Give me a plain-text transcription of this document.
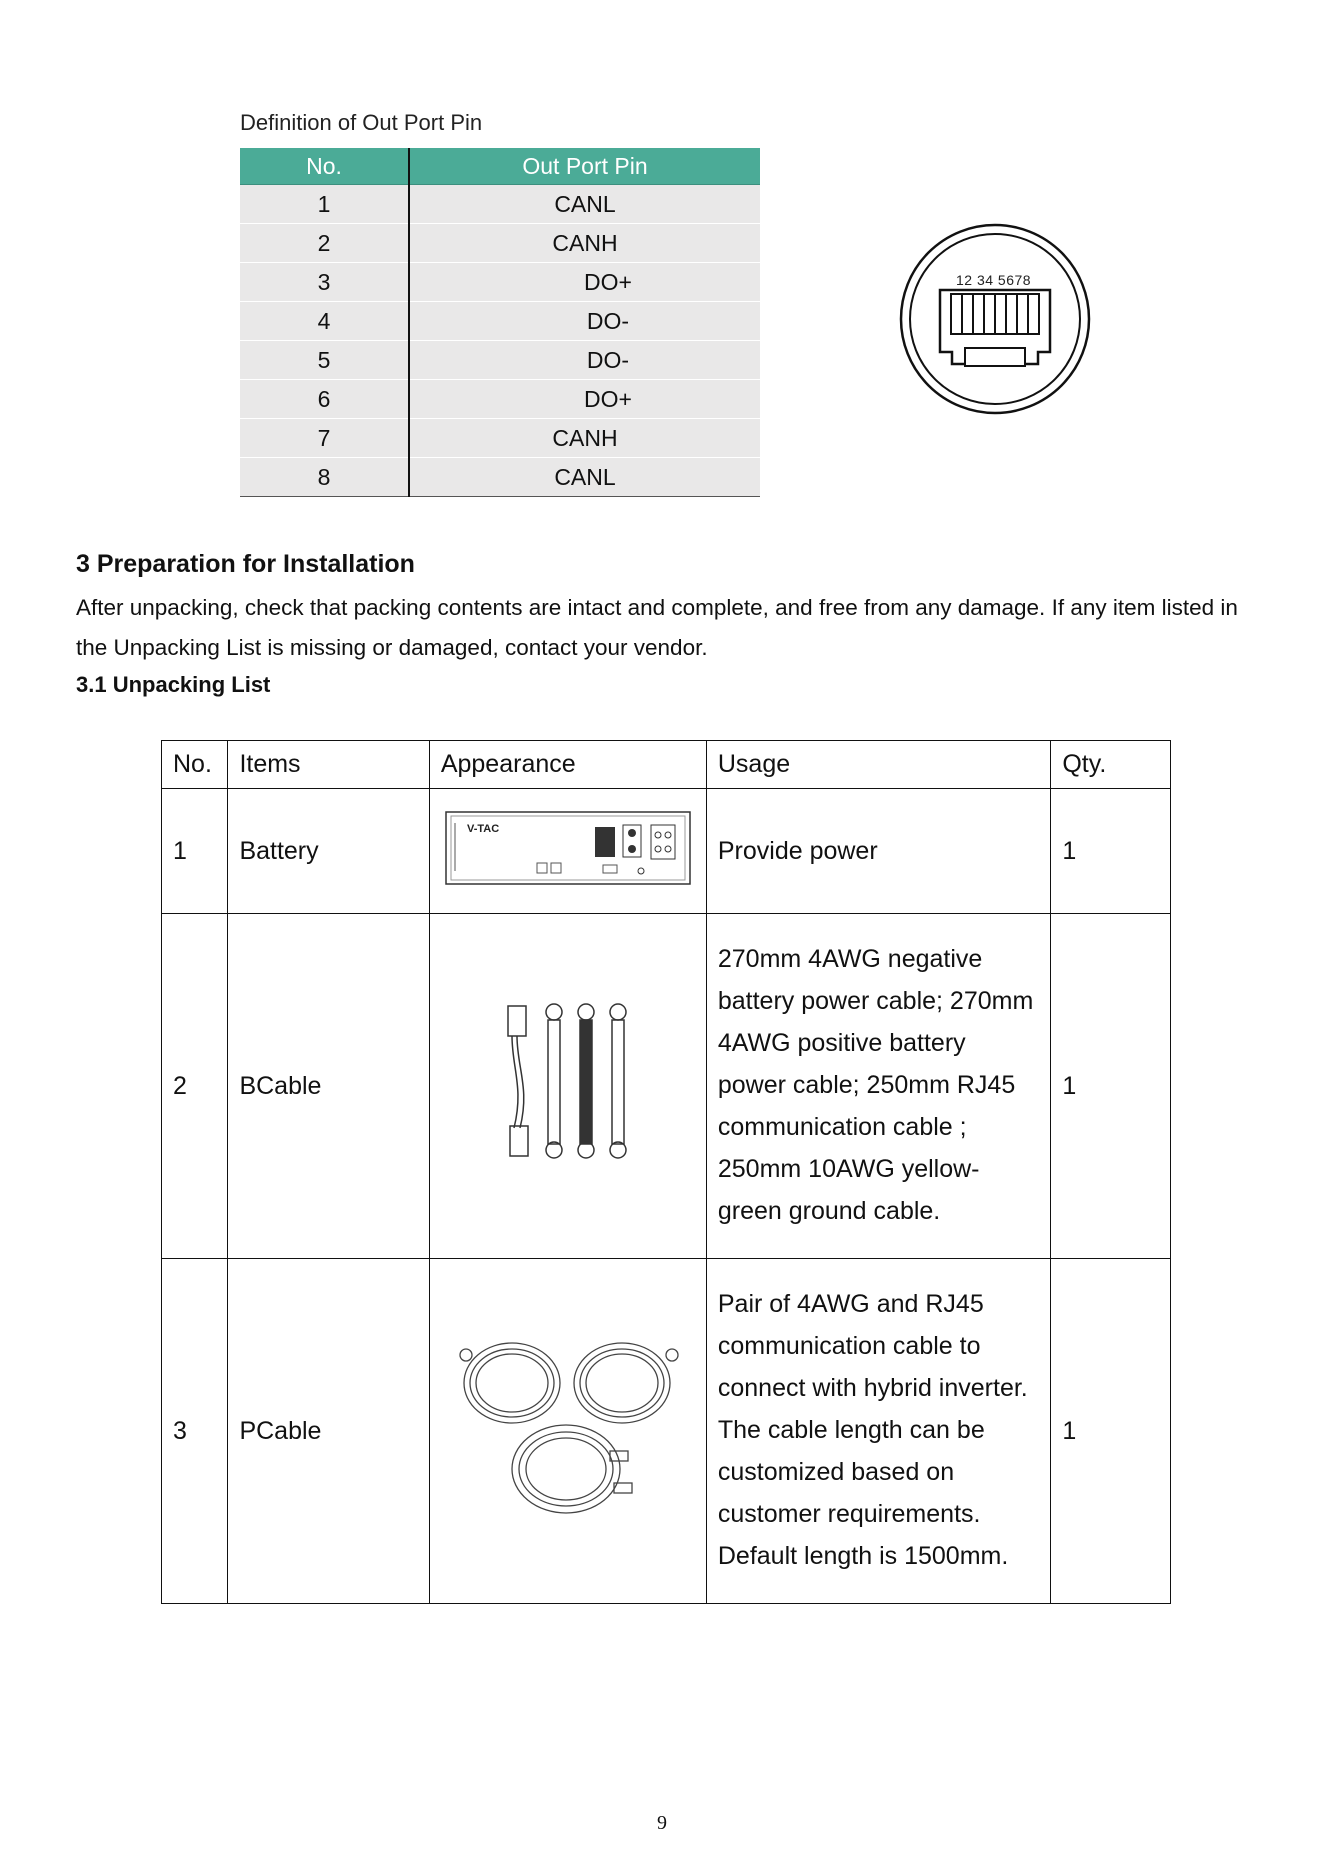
Definition of Out Port Pin
No.	Out Port Pin
1	CANL
2	CANH
3	DO+
4	DO-
5	DO-
6	DO+
7	CANH
8	CANL
12 34 5678
3 Preparation for Installation
After unpacking, check that packing contents are intact and complete, and free from any damage. If any item listed in the Unpacking List is missing or damaged, contact your vendor.
3.1 Unpacking List
No.	Items	Appearance	Usage	Qty.
1	Battery	V-TAC	Provide power	1
2	BCable		270mm 4AWG negative battery power cable; 270mm 4AWG positive battery power cable; 250mm RJ45 communication cable ; 250mm 10AWG yellow-green ground cable.	1
3	PCable		Pair of 4AWG and RJ45 communication cable to connect with hybrid inverter. The cable length can be customized based on customer requirements. Default length is 1500mm.	1
9
